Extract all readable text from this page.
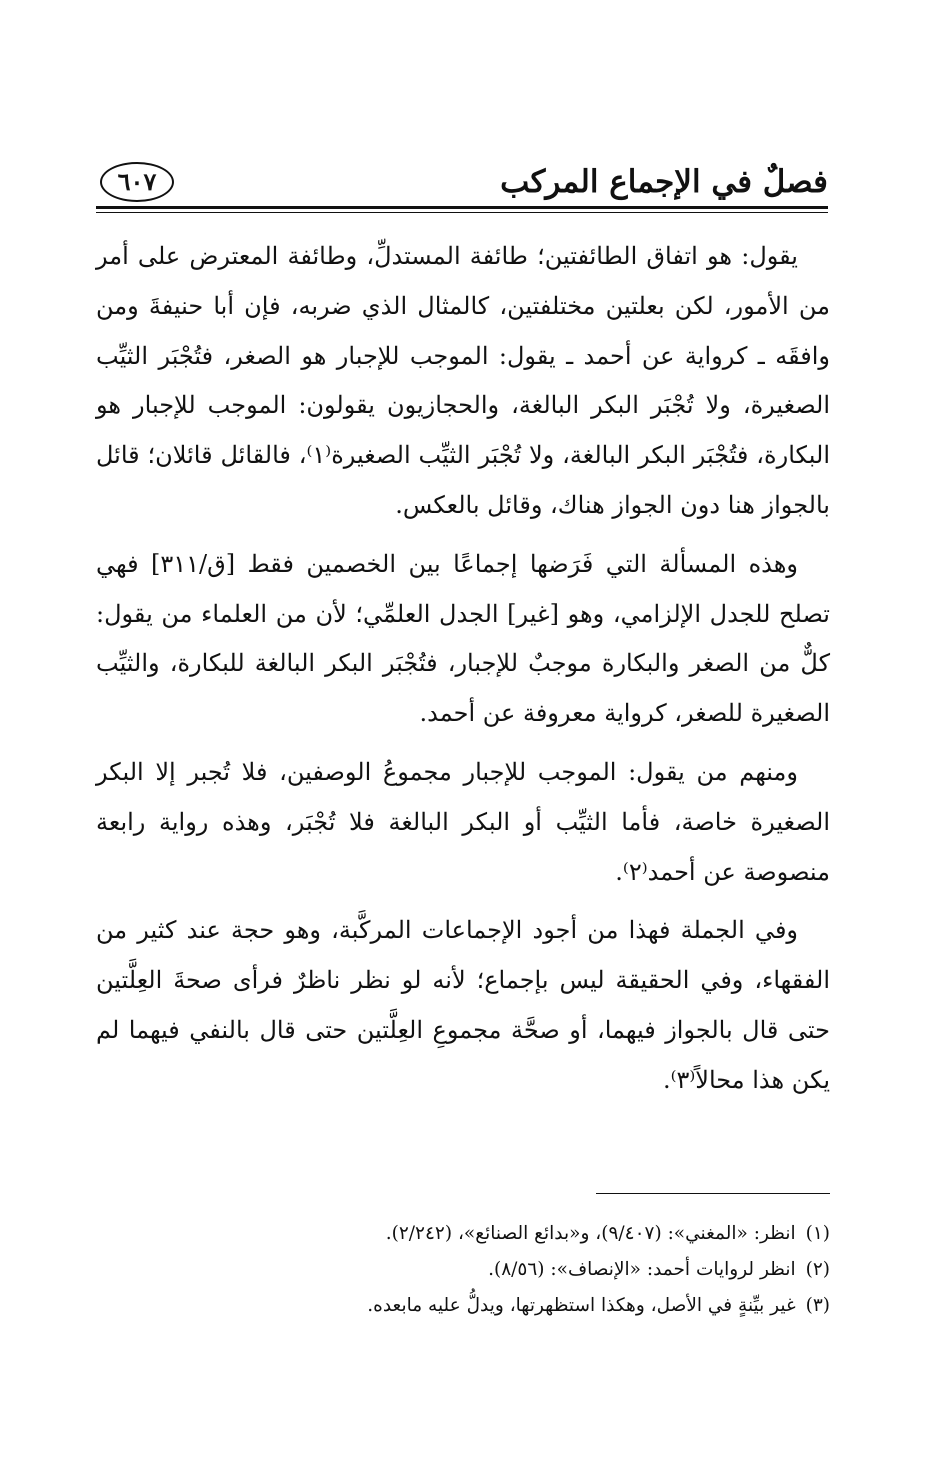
فصلٌ في الإجماع المركب
٦٠٧

يقول: هو اتفاق الطائفتين؛ طائفة المستدلِّ، وطائفة المعترض على أمر من الأمور، لكن بعلتين مختلفتين، كالمثال الذي ضربه، فإن أبا حنيفةَ ومن وافقَه ـ كرواية عن أحمد ـ يقول: الموجب للإجبار هو الصغر، فتُجْبَر الثيِّب الصغيرة، ولا تُجْبَر البكر البالغة، والحجازيون يقولون: الموجب للإجبار هو البكارة، فتُجْبَر البكر البالغة، ولا تُجْبَر الثيِّب الصغيرة⁽١⁾، فالقائل قائلان؛ قائل بالجواز هنا دون الجواز هناك، وقائل بالعكس.

وهذه المسألة التي فَرَضها إجماعًا بين الخصمين فقط [ق/٣١١] فهي تصلح للجدل الإلزامي، وهو [غير] الجدل العلمِّي؛ لأن من العلماء من يقول: كلٌّ من الصغر والبكارة موجبٌ للإجبار، فتُجْبَر البكر البالغة للبكارة، والثيِّب الصغيرة للصغر، كرواية معروفة عن أحمد.

ومنهم من يقول: الموجب للإجبار مجموعُ الوصفين، فلا تُجبر إلا البكر الصغيرة خاصة، فأما الثيِّب أو البكر البالغة فلا تُجْبَر، وهذه رواية رابعة منصوصة عن أحمد⁽٢⁾.

وفي الجملة فهذا من أجود الإجماعات المركَّبة، وهو حجة عند كثير من الفقهاء، وفي الحقيقة ليس بإجماع؛ لأنه لو نظر ناظرٌ فرأى صحةَ العِلَّتين حتى قال بالجواز فيهما، أو صحَّة مجموعِ العِلَّتين حتى قال بالنفي فيهما لم يكن هذا محالاً⁽٣⁾.

(١)انظر: «المغني»: (٩/٤٠٧)، و«بدائع الصنائع»، (٢/٢٤٢).

(٢)انظر لروايات أحمد: «الإنصاف»: (٨/٥٦).

(٣)غير بيِّنةٍ في الأصل، وهكذا استظهرتها، ويدلُّ عليه مابعده.
